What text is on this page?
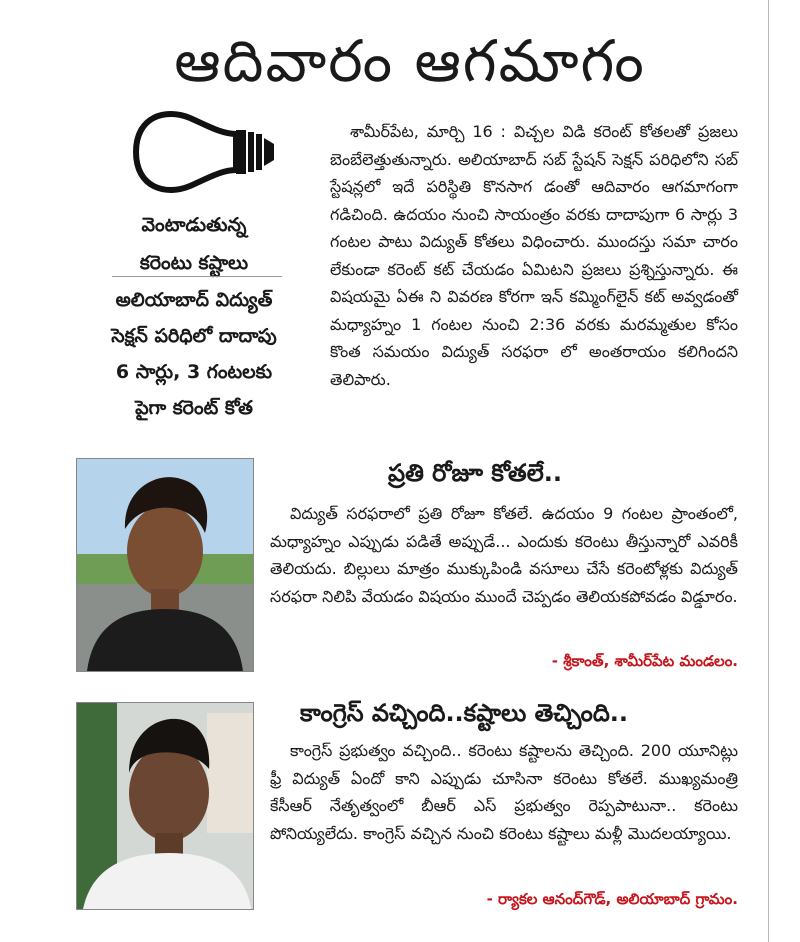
ఆదివారం ఆగమాగం
వెంటాడుతున్న
కరెంటు కష్టాలు
అలియాబాద్ విద్యుత్
సెక్షన్ పరిధిలో దాదాపు
6 సార్లు, 3 గంటలకు
పైగా కరెంట్ కోత
శామీర్‌పేట, మార్చి 16 : విచ్చల విడి కరెంట్ కోతలతో ప్రజలు బెంబేలెత్తుతున్నారు. అలియాబాద్ సబ్ స్టేషన్ సెక్షన్ పరిధిలోని సబ్ స్టేషన్లలో ఇదే పరిస్థితి కొనసాగ డంతో ఆదివారం ఆగమాగంగా గడిచింది. ఉదయం నుంచి సాయంత్రం వరకు దాదాపుగా 6 సార్లు 3 గంటల పాటు విద్యుత్ కోతలు విధించారు. ముందస్తు సమా చారం లేకుండా కరెంట్ కట్ చేయడం ఏమిటని ప్రజలు ప్రశ్నిస్తున్నారు. ఈ విషయమై ఏఈ ని వివరణ కోరగా ఇన్ కమ్మింగ్‌లైన్ కట్ అవ్వడంతో మధ్యాహ్నం 1 గంటల నుంచి 2:36 వరకు మరమ్మతుల కోసం కొంత సమయం విద్యుత్ సరఫరా లో అంతరాయం కలిగిందని తెలిపారు.
ప్రతి రోజూ కోతలే..
విద్యుత్ సరఫరాలో ప్రతి రోజూ కోతలే. ఉదయం 9 గంటల ప్రాంతంలో, మధ్యాహ్నం ఎప్పుడు పడితే అప్పుడే... ఎందుకు కరెంటు తీస్తున్నారో ఎవరికీ తెలియదు. బిల్లులు మాత్రం ముక్కుపిండి వసూలు చేసే కరెంటోళ్లకు విద్యుత్ సరఫరా నిలిపి వేయడం విషయం ముందే చెప్పడం తెలియకపోవడం విడ్డూరం.
- శ్రీకాంత్, శామీర్‌పేట మండలం.
కాంగ్రెస్ వచ్చింది..కష్టాలు తెచ్చింది..
కాంగ్రెస్ ప్రభుత్వం వచ్చింది.. కరెంటు కష్టాలను తెచ్చింది. 200 యూనిట్లు ఫ్రీ విద్యుత్ ఏందో కాని ఎప్పుడు చూసినా కరెంటు కోతలే. ముఖ్యమంత్రి కేసీఆర్ నేతృత్వంలో బీఆర్ ఎస్ ప్రభుత్వం రెప్పపాటునా.. కరెంటు పోనియ్యలేదు. కాంగ్రెస్ వచ్చిన నుంచి కరెంటు కష్టాలు మళ్లీ మొదలయ్యాయి.
- ర్యాకల ఆనంద్‌గౌడ్, అలియాబాద్ గ్రామం.
